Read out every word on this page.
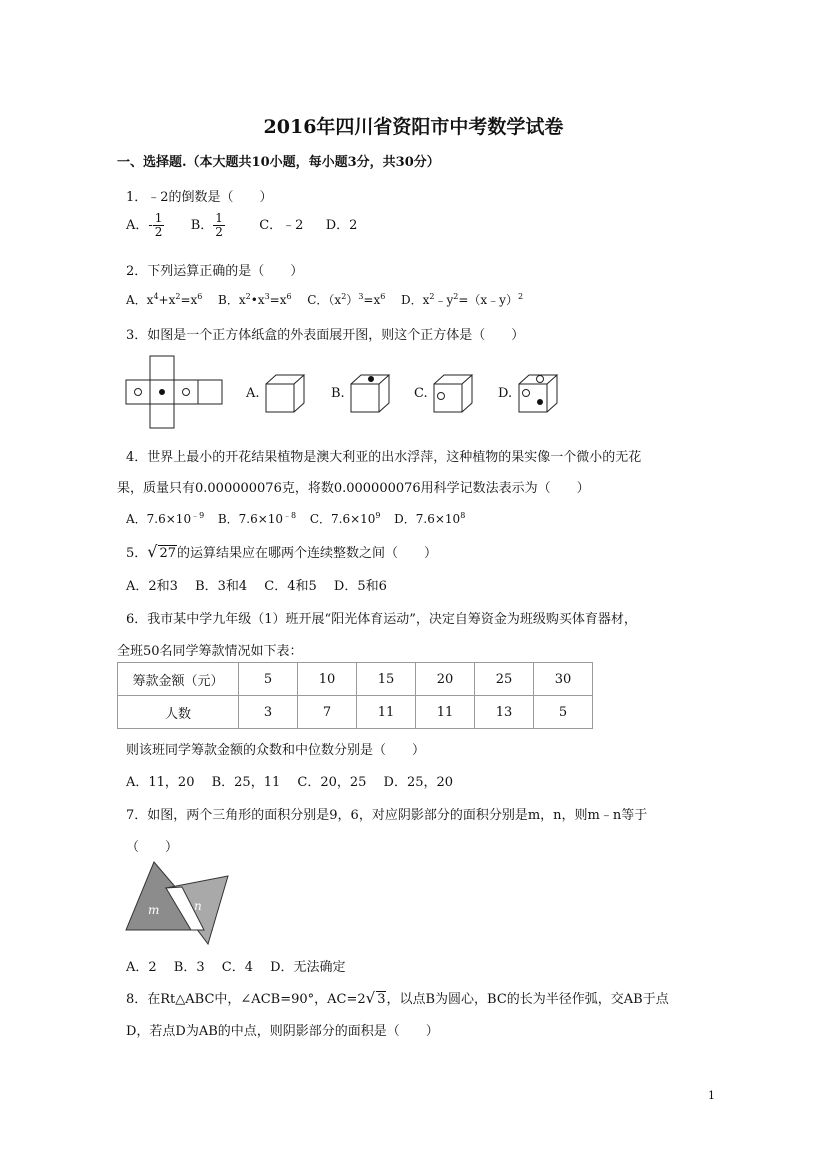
2016年四川省资阳市中考数学试卷
一、选择题.（本大题共10小题，每小题3分，共30分）
1．﹣2的倒数是（　　）
A．- $\frac{1}{2}$ B． $\frac{1}{2}$	C．﹣2 D．2
2．下列运算正确的是（　　）
A．$x^4+x^2=x^6$ B．$x^2•x^3=x^6$ C．$(x^2)^3=x^6$ D．$x^2﹣y^2=(x﹣y)^2$
3．如图是一个正方体纸盒的外表面展开图，则这个正方体是（　　）
A.	B.	C.	D.
4．世界上最小的开花结果植物是澳大利亚的出水浮萍，这种植物的果实像一个微小的无花
果，质量只有0.000000076克，将数0.000000076用科学记数法表示为（　　）
A．$7.6\times 10^{﹣9}$ B．$7.6\times 10^{﹣8}$ C．$7.6\times 10^9$ D．$7.6\times 10^8$
5．√ 27的运算结果应在哪两个连续整数之间（　　）
A．2和3　 B．3和4　 C．4和5　 D．5和6
6．我市某中学九年级（1）班开展“阳光体育运动”，决定自筹资金为班级购买体育器材，
全班50名同学筹款情况如下表：
筹款金额（元）	5	10	15	20	25	30
人数	3	7	11	11	13	5
则该班同学筹款金额的众数和中位数分别是（　　）
A．11，20　 B．25，11　 C．20，25　 D．25，20
7．如图，两个三角形的面积分别是9，6，对应阴影部分的面积分别是m，n，则m﹣n等于
（　　）
m	n
A．2　 B．3　 C．4　 D．无法确定
8．在Rt△ABC中，∠ACB=90°，AC=2√ 3，以点B为圆心，BC的长为半径作弧，交AB于点
D，若点D为AB的中点，则阴影部分的面积是（　　）
1
